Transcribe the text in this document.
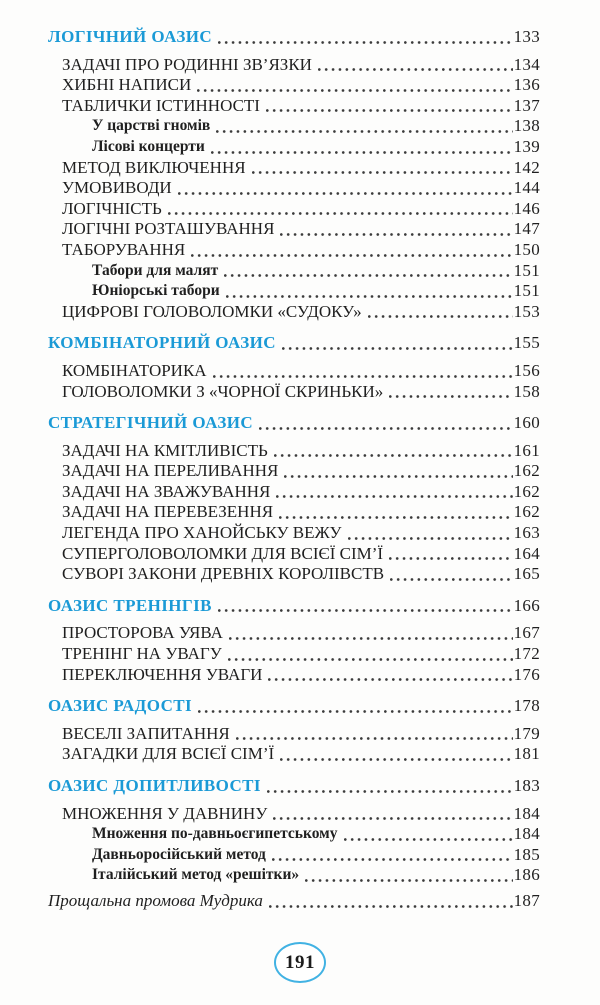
ЛОГІЧНИЙ ОАЗИС	133
ЗАДАЧІ ПРО РОДИННІ ЗВ’ЯЗКИ	134
ХИБНІ НАПИСИ	136
ТАБЛИЧКИ ІСТИННОСТІ	137
У царстві гномів	138
Лісові концерти	139
МЕТОД ВИКЛЮЧЕННЯ	142
УМОВИВОДИ	144
ЛОГІЧНІСТЬ	146
ЛОГІЧНІ РОЗТАШУВАННЯ	147
ТАБОРУВАННЯ	150
Табори для малят	151
Юніорські табори	151
ЦИФРОВІ ГОЛОВОЛОМКИ «СУДОКУ»	153
КОМБІНАТОРНИЙ ОАЗИС	155
КОМБІНАТОРИКА	156
ГОЛОВОЛОМКИ З «ЧОРНОЇ СКРИНЬКИ»	158
СТРАТЕГІЧНИЙ ОАЗИС	160
ЗАДАЧІ НА КМІТЛИВІСТЬ	161
ЗАДАЧІ НА ПЕРЕЛИВАННЯ	162
ЗАДАЧІ НА ЗВАЖУВАННЯ	162
ЗАДАЧІ НА ПЕРЕВЕЗЕННЯ	162
ЛЕГЕНДА ПРО ХАНОЙСЬКУ ВЕЖУ	163
СУПЕРГОЛОВОЛОМКИ ДЛЯ ВСІЄЇ СІМ’Ї	164
СУВОРІ ЗАКОНИ ДРЕВНІХ КОРОЛІВСТВ	165
ОАЗИС ТРЕНІНГІВ	166
ПРОСТОРОВА УЯВА	167
ТРЕНІНГ НА УВАГУ	172
ПЕРЕКЛЮЧЕННЯ УВАГИ	176
ОАЗИС РАДОСТІ	178
ВЕСЕЛІ ЗАПИТАННЯ	179
ЗАГАДКИ ДЛЯ ВСІЄЇ СІМ’Ї	181
ОАЗИС ДОПИТЛИВОСТІ	183
МНОЖЕННЯ У ДАВНИНУ	184
Множення по-давньоєгипетському	184
Давньоросійський метод	185
Італійський метод «решітки»	186
Прощальна промова Мудрика	187
191
